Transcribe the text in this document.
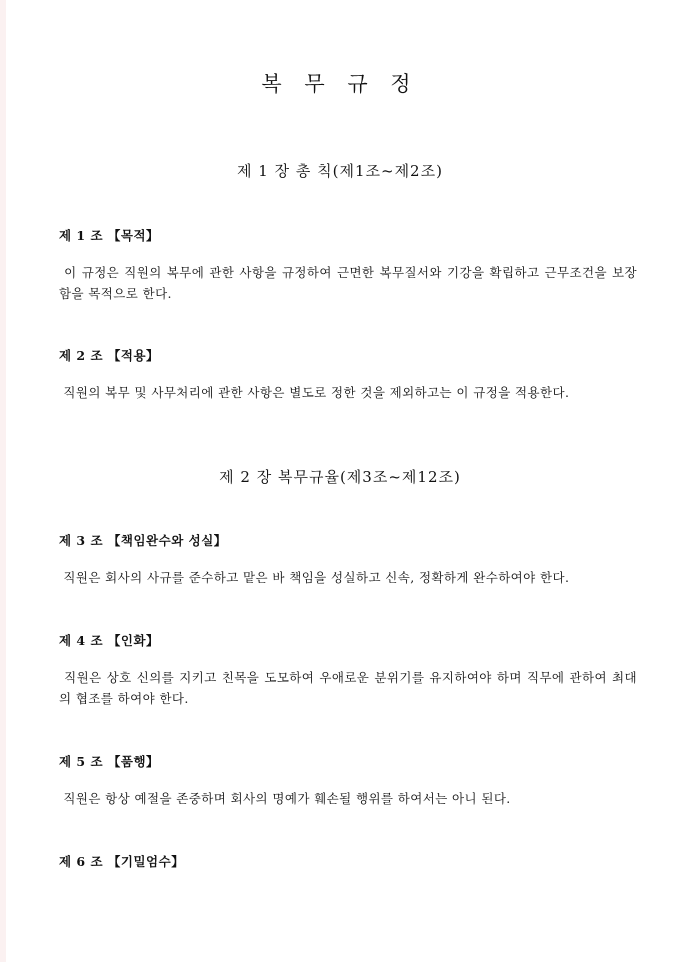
복 무 규 정
제 1 장 총 칙(제1조~제2조)
제 1 조 【목적】
이 규정은 직원의 복무에 관한 사항을 규정하여 근면한 복무질서와 기강을 확립하고 근무조건을 보장함을 목적으로 한다.
제 2 조 【적용】
직원의 복무 및 사무처리에 관한 사항은 별도로 정한 것을 제외하고는 이 규정을 적용한다.
제 2 장 복무규율(제3조~제12조)
제 3 조 【책임완수와 성실】
직원은 회사의 사규를 준수하고 맡은 바 책임을 성실하고 신속, 정확하게 완수하여야 한다.
제 4 조 【인화】
직원은 상호 신의를 지키고 친목을 도모하여 우애로운 분위기를 유지하여야 하며 직무에 관하여 최대의 협조를 하여야 한다.
제 5 조 【품행】
직원은 항상 예절을 존중하며 회사의 명예가 훼손될 행위를 하여서는 아니 된다.
제 6 조 【기밀엄수】
